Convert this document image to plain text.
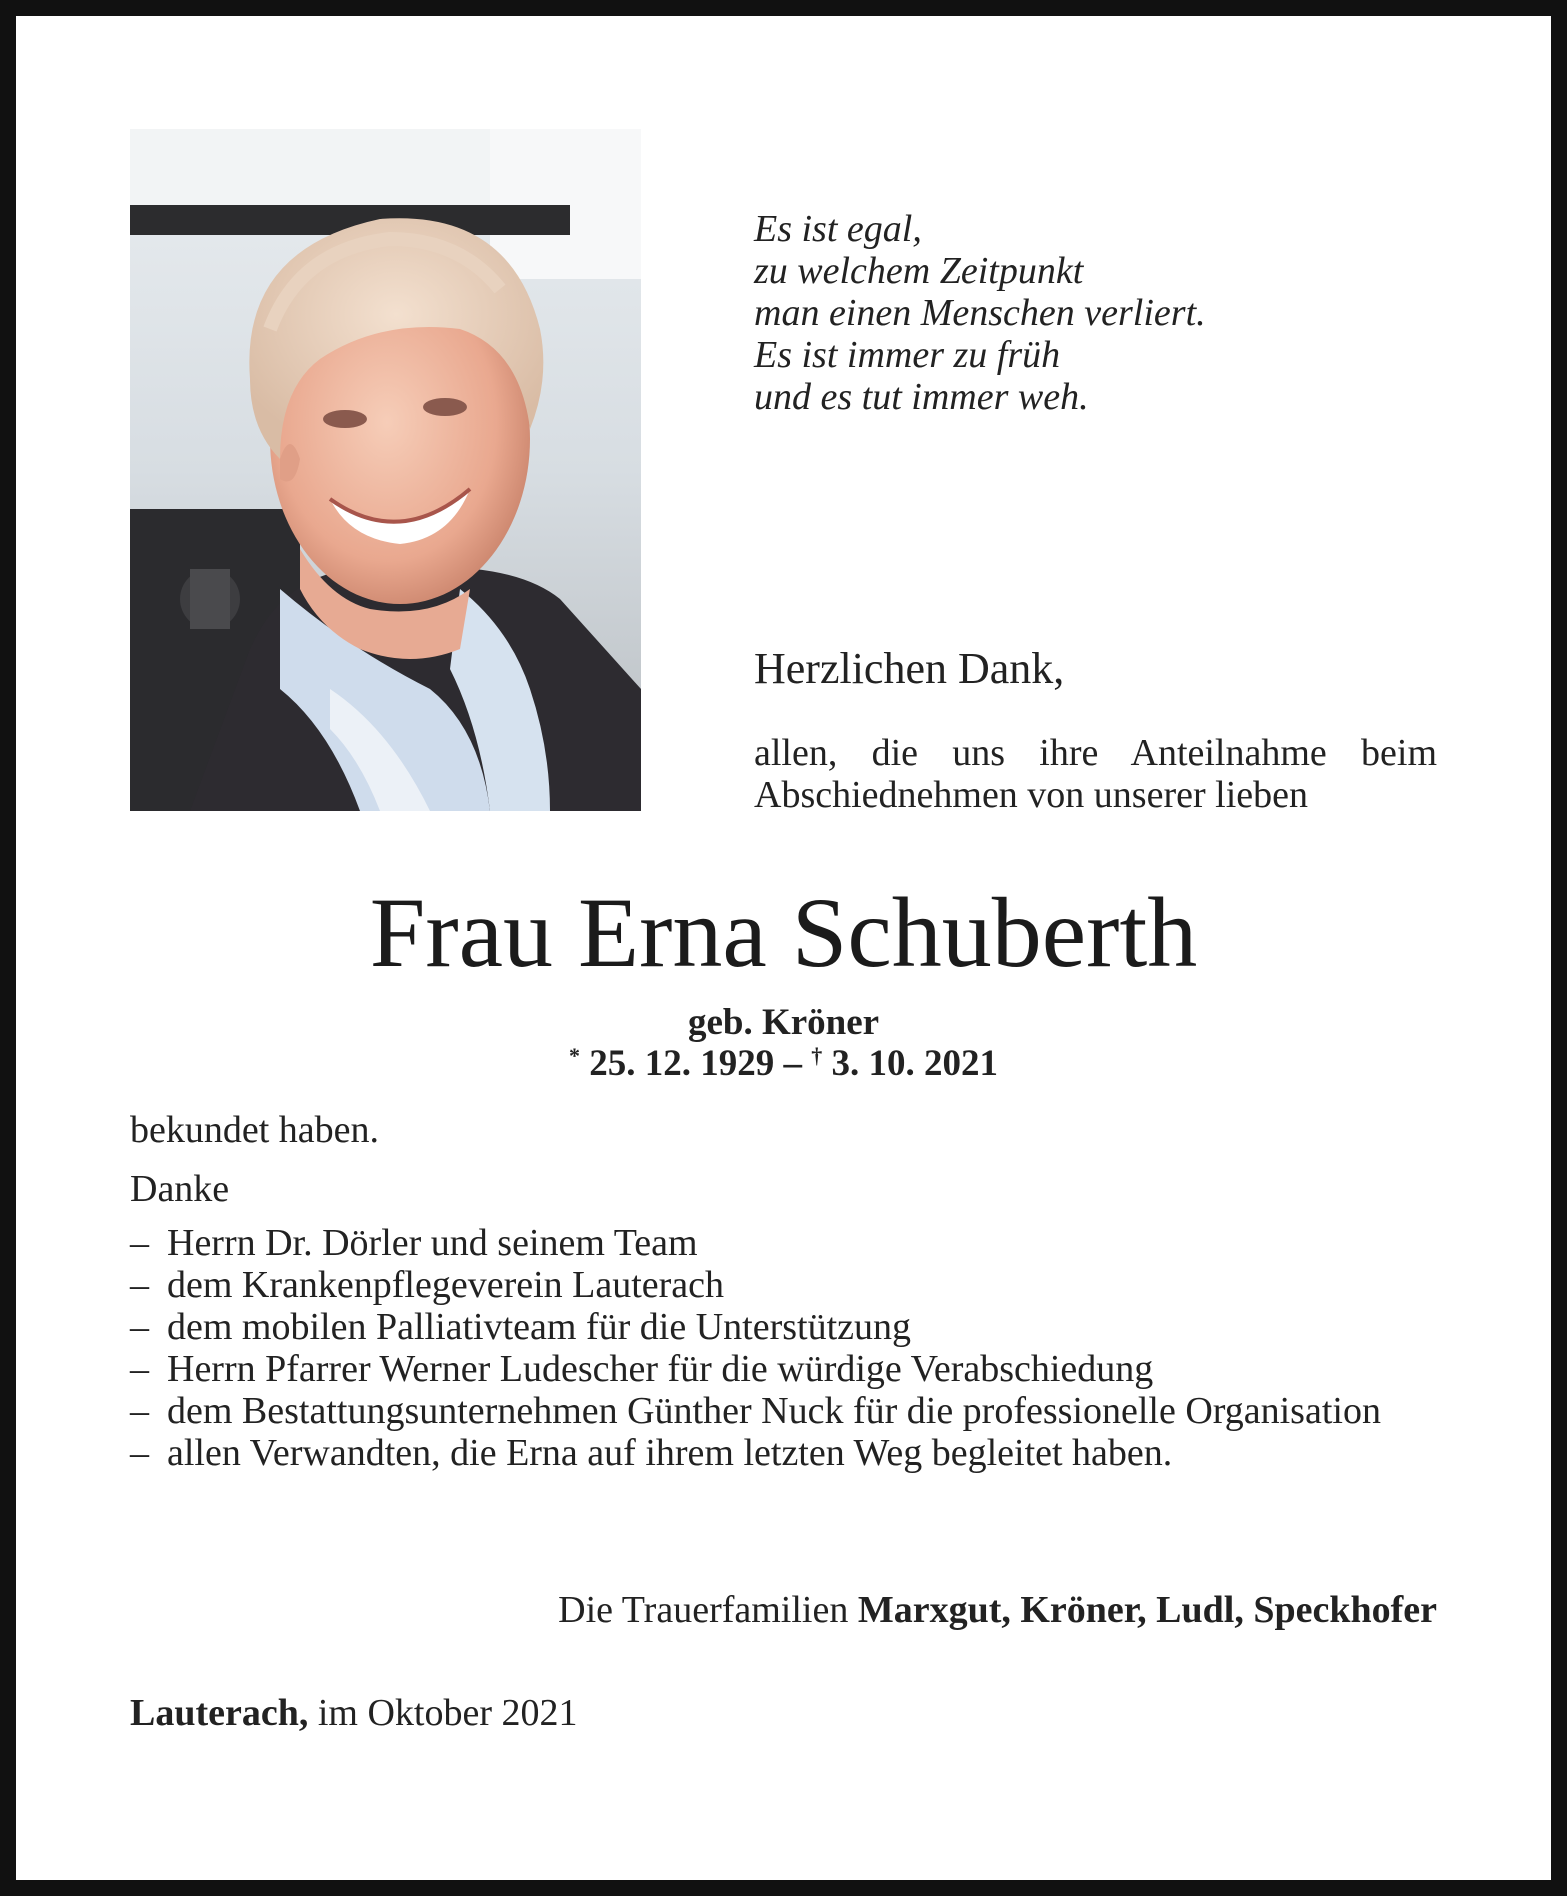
Es ist egal,
zu welchem Zeitpunkt
man einen Menschen verliert.
Es ist immer zu früh
und es tut immer weh.
Herzlichen Dank,
allen, die uns ihre Anteilnahme beim
Abschiednehmen von unserer lieben
Frau Erna Schuberth
geb. Kröner
* 25. 12. 1929 – † 3. 10. 2021
bekundet haben.
Danke
– Herrn Dr. Dörler und seinem Team
– dem Krankenpflegeverein Lauterach
– dem mobilen Palliativteam für die Unterstützung
– Herrn Pfarrer Werner Ludescher für die würdige Verabschiedung
– dem Bestattungsunternehmen Günther Nuck für die professionelle Organisation
– allen Verwandten, die Erna auf ihrem letzten Weg begleitet haben.
Die Trauerfamilien Marxgut, Kröner, Ludl, Speckhofer
Lauterach, im Oktober 2021
